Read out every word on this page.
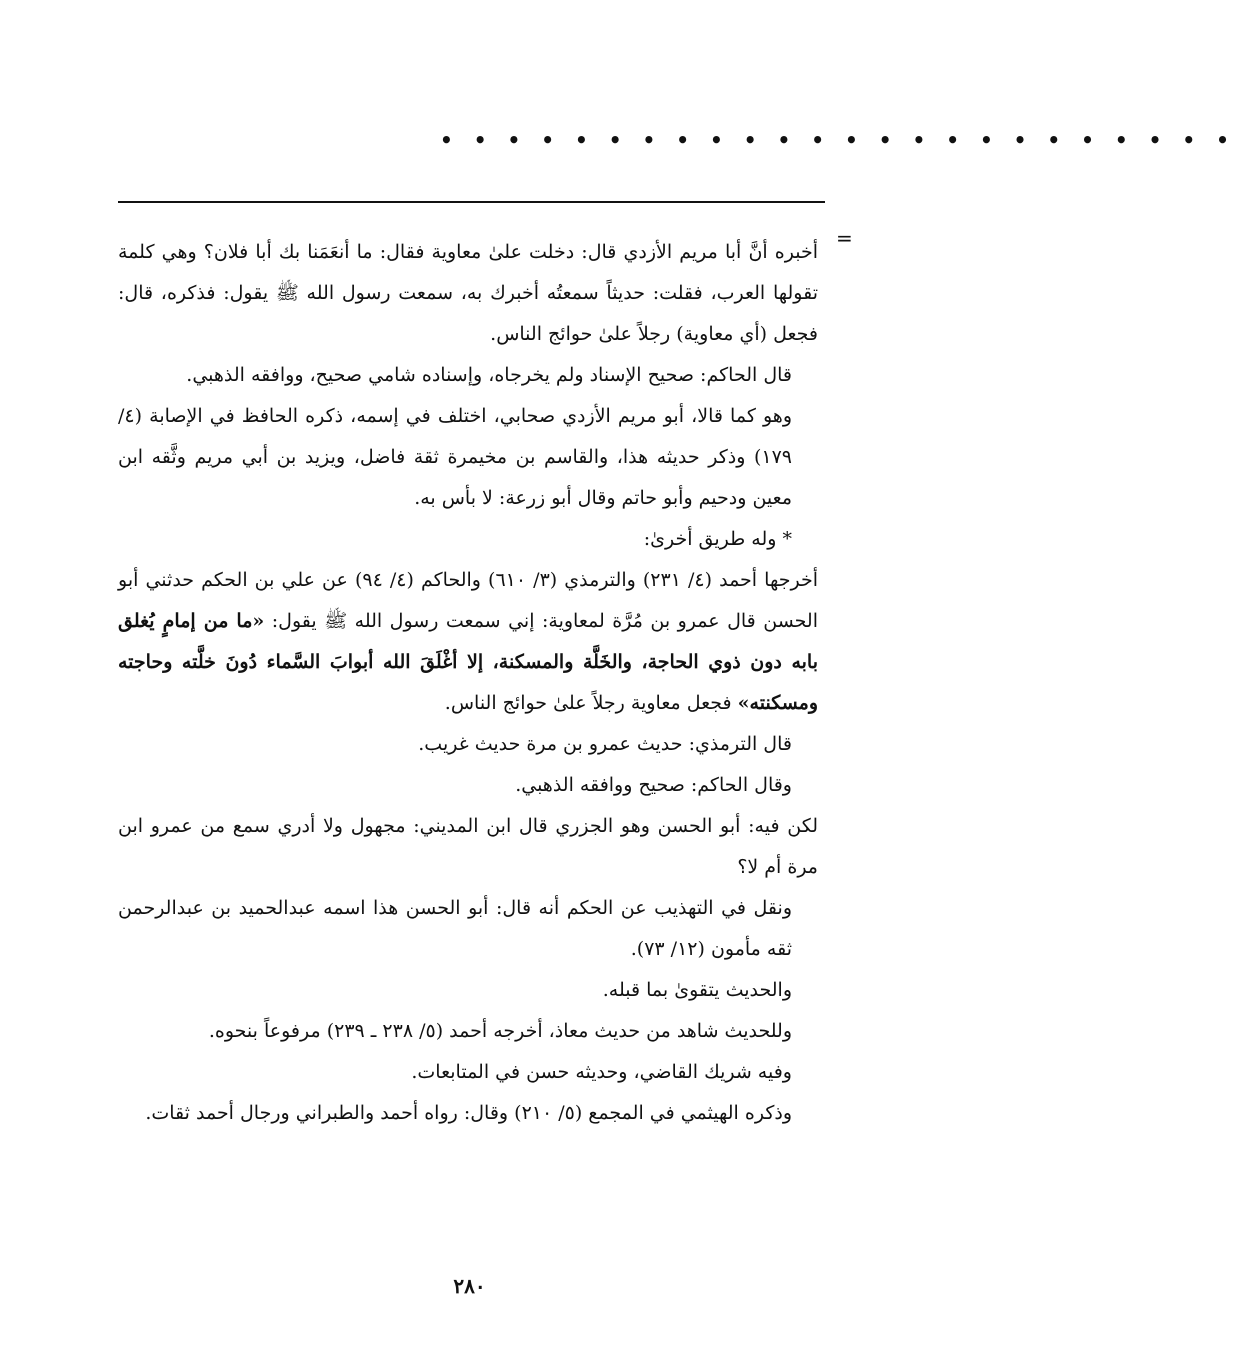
• • • • • • • • • • • • • • • • • • • • • • • •
=

أخبره أنَّ أبا مريم الأزدي قال: دخلت علىٰ معاوية فقال: ما أنعَمَنا بك أبا فلان؟ وهي كلمة تقولها العرب، فقلت: حديثاً سمعتُه أخبرك به، سمعت رسول الله ﷺ يقول: فذكره، قال: فجعل (أي معاوية) رجلاً علىٰ حوائج الناس.

قال الحاكم: صحيح الإسناد ولم يخرجاه، وإسناده شامي صحيح، ووافقه الذهبي.

وهو كما قالا، أبو مريم الأزدي صحابي، اختلف في إسمه، ذكره الحافظ في الإصابة (٤/ ١٧٩) وذكر حديثه هذا، والقاسم بن مخيمرة ثقة فاضل، ويزيد بن أبي مريم وثَّقه ابن معين ودحيم وأبو حاتم وقال أبو زرعة: لا بأس به.

* وله طريق أخرىٰ:

أخرجها أحمد (٤/ ٢٣١) والترمذي (٣/ ٦١٠) والحاكم (٤/ ٩٤) عن علي بن الحكم حدثني أبو الحسن قال عمرو بن مُرَّة لمعاوية: إني سمعت رسول الله ﷺ يقول: «ما من إمامٍ يُغلق بابه دون ذوي الحاجة، والخَلَّة والمسكنة، إلا أغْلَقَ الله أبوابَ السَّماء دُونَ خلَّته وحاجته ومسكنته» فجعل معاوية رجلاً علىٰ حوائج الناس.

قال الترمذي: حديث عمرو بن مرة حديث غريب.

وقال الحاكم: صحيح ووافقه الذهبي.

لكن فيه: أبو الحسن وهو الجزري قال ابن المديني: مجهول ولا أدري سمع من عمرو ابن مرة أم لا؟

ونقل في التهذيب عن الحكم أنه قال: أبو الحسن هذا اسمه عبدالحميد بن عبدالرحمن ثقه مأمون (١٢/ ٧٣).

والحديث يتقوىٰ بما قبله.

وللحديث شاهد من حديث معاذ، أخرجه أحمد (٥/ ٢٣٨ ـ ٢٣٩) مرفوعاً بنحوه.

وفيه شريك القاضي، وحديثه حسن في المتابعات.

وذكره الهيثمي في المجمع (٥/ ٢١٠) وقال: رواه أحمد والطبراني ورجال أحمد ثقات.

٢٨٠
